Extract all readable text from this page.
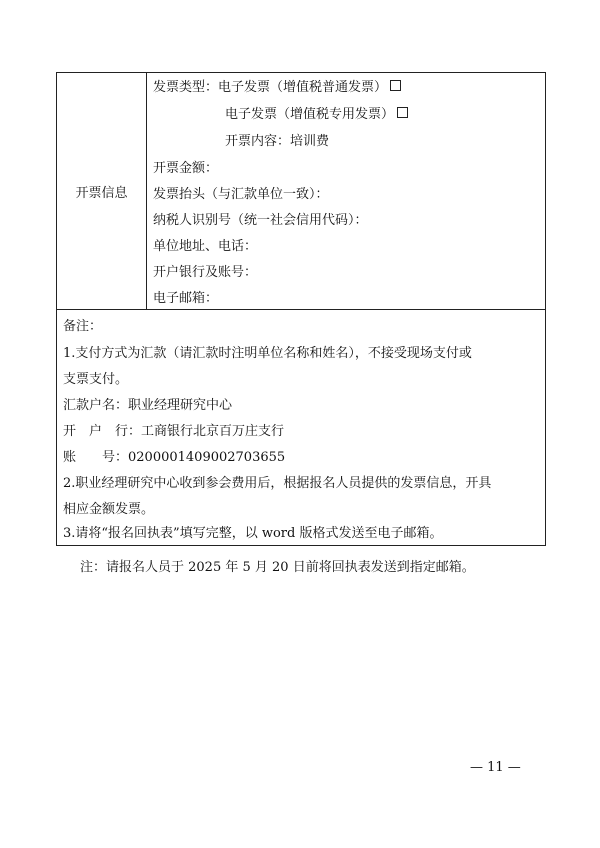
开票信息
发票类型：电子发票（增值税普通发票）
电子发票（增值税专用发票）
开票内容：培训费
开票金额：
发票抬头（与汇款单位一致）：
纳税人识别号（统一社会信用代码）：
单位地址、电话：
开户银行及账号：
电子邮箱：
备注：
1.支付方式为汇款（请汇款时注明单位名称和姓名），不接受现场支付或
支票支付。
汇款户名：职业经理研究中心
开　户　行：工商银行北京百万庄支行
账　　号：0200001409002703655
2.职业经理研究中心收到参会费用后，根据报名人员提供的发票信息，开具
相应金额发票。
3.请将“报名回执表”填写完整，以 word 版格式发送至电子邮箱。
注：请报名人员于 2025 年 5 月 20 日前将回执表发送到指定邮箱。
— 11 —
